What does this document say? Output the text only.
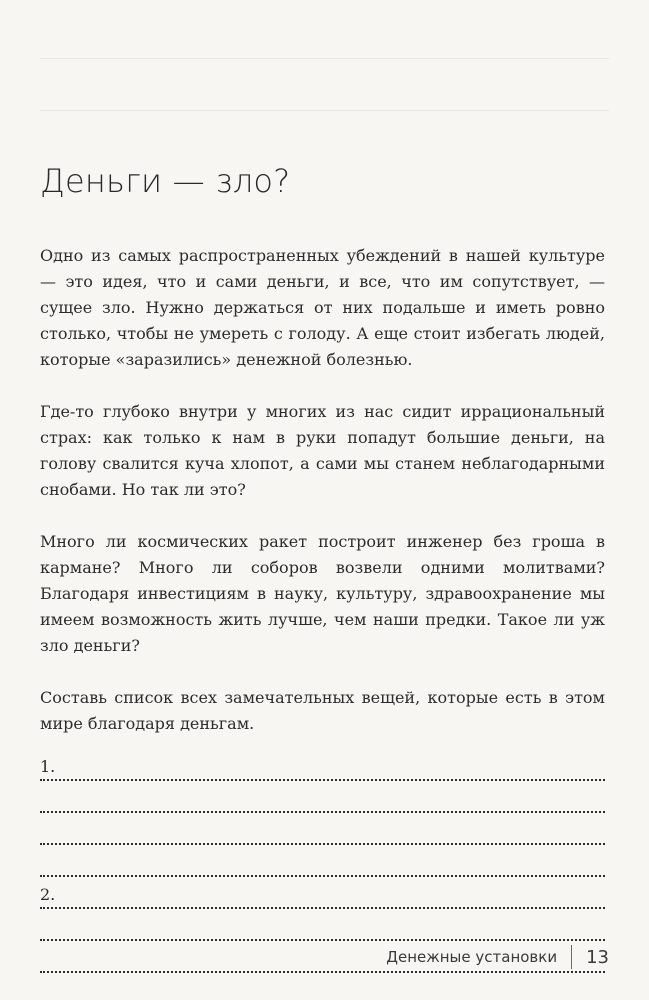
Деньги — зло?

Одно из самых распространенных убеждений в нашей культуре — это идея, что и сами деньги, и все, что им сопутствует, — сущее зло. Нужно держаться от них подальше и иметь ровно столько, чтобы не умереть с голоду. А еще стоит избегать людей, которые «заразились» денежной болезнью.

Где-то глубоко внутри у многих из нас сидит иррациональный страх: как только к нам в руки попадут большие деньги, на голову свалится куча хлопот, а сами мы станем неблагодарными снобами. Но так ли это?

Много ли космических ракет построит инженер без гроша в кармане? Много ли соборов возвели одними молитвами? Благодаря инвестициям в науку, культуру, здравоохранение мы имеем возможность жить лучше, чем наши предки. Такое ли уж зло деньги?

Составь список всех замечательных вещей, которые есть в этом мире благодаря деньгам.

1.
2.
Денежные установки 13
